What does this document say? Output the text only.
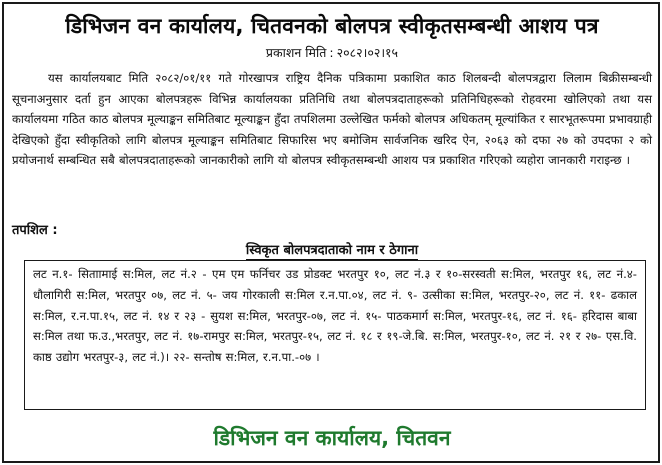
डिभिजन वन कार्यालय, चितवनको बोलपत्र स्वीकृतसम्बन्धी आशय पत्र
प्रकाशन मिति : २०८२।०२।१५
यस कार्यालयबाट मिति २०८२/०१/११ गते गोरखापत्र राष्ट्रिय दैनिक पत्रिकामा प्रकाशित काठ शिलबन्दी बोलपत्रद्वारा लिलाम बिक्रीसम्बन्धी सूचनाअनुसार दर्ता हुन आएका बोलपत्रहरू विभिन्न कार्यालयका प्रतिनिधि तथा बोलपत्रदाताहरूको प्रतिनिधिहरूको रोहवरमा खोलिएको तथा यस कार्यालयमा गठित काठ बोलपत्र मूल्याङ्कन समितिबाट मूल्याङ्कन हुँदा तपशिलमा उल्लेखित फर्मको बोलपत्र अधिकतम् मूल्यांकित र सारभूतरूपमा प्रभावग्राही देखिएको हुँदा स्वीकृतिको लागि बोलपत्र मूल्याङ्कन समितिबाट सिफारिस भए बमोजिम सार्वजनिक खरिद ऐन, २०६३ को दफा २७ को उपदफा २ को प्रयोजनार्थ सम्बन्धित सबै बोलपत्रदाताहरूको जानकारीको लागि यो बोलपत्र स्वीकृतसम्बन्धी आशय पत्र प्रकाशित गरिएको व्यहोरा जानकारी गराइन्छ ।
तपशिल :
स्विकृत बोलपत्रदाताको नाम र ठेगाना
लट न.१- सिताामाई स:मिल, लट नं.२ - एम एम फर्निचर उड प्रोडक्ट भरतपुर १०, लट नं.३ र १०-सरस्वती स:मिल, भरतपुर १६, लट नं.४- धौलागिरी स:मिल, भरतपुर ०७, लट नं. ५- जय गोरकाली स:मिल र.न.पा.०४, लट नं. ९- उत्सीका स:मिल, भरतपुर-२०, लट नं. ११- ढकाल स:मिल, र.न.पा.१५, लट नं. १४ र २३ - सुयश स:मिल, भरतपुर-०७, लट नं. १५- पाठकमार्ग स:मिल, भरतपुर-१६, लट नं. १६- हरिदास बाबा स:मिल तथा फ.उ.,भरतपुर, लट नं. १७-रामपुर स:मिल, भरतपुर-१५, लट नं. १८ र १९-जे.बि. स:मिल, भरतपुर-१०, लट नं. २१ र २७- एस.वि. काष्ठ उद्योग भरतपुर-३, लट नं.)। २२- सन्तोष स:मिल, र.न.पा.-०७ ।
डिभिजन वन कार्यालय, चितवन
